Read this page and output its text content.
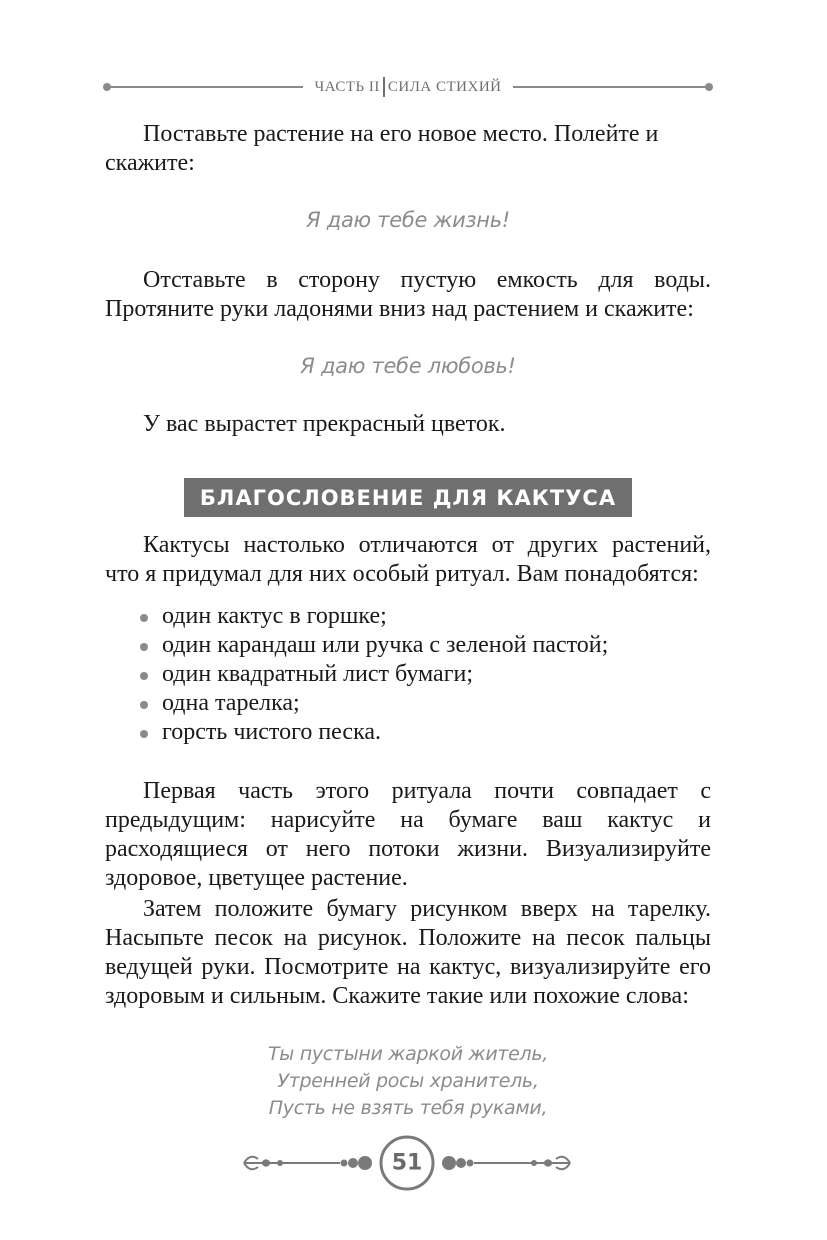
ЧАСТЬ II СИЛА СТИХИЙ

Поставьте растение на его новое место. Полейте и скажите:

Я даю тебе жизнь!

Отставьте в сторону пустую емкость для воды. Протяните руки ладонями вниз над растением и скажите:

Я даю тебе любовь!

У вас вырастет прекрасный цветок.

БЛАГОСЛОВЕНИЕ ДЛЯ КАКТУСА

Кактусы настолько отличаются от других растений, что я придумал для них особый ритуал. Вам понадобятся:

один кактус в горшке;
один карандаш или ручка с зеленой пастой;
один квадратный лист бумаги;
одна тарелка;
горсть чистого песка.

Первая часть этого ритуала почти совпадает с предыдущим: нарисуйте на бумаге ваш кактус и расходящиеся от него потоки жизни. Визуализируйте здоровое, цветущее растение.

Затем положите бумагу рисунком вверх на тарелку. Насыпьте песок на рисунок. Положите на песок пальцы ведущей руки. Посмотрите на кактус, визуализируйте его здоровым и сильным. Скажите такие или похожие слова:

Ты пустыни жаркой житель,

Утренней росы хранитель,

Пусть не взять тебя руками,

51
